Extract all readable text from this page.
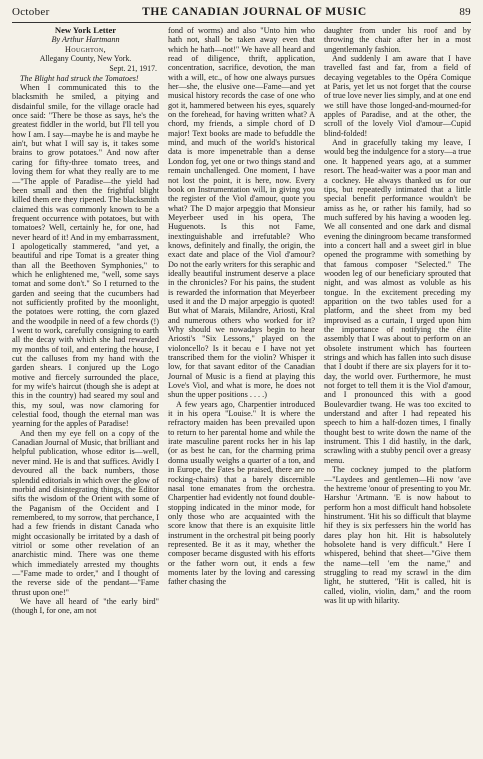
October	THE CANADIAN JOURNAL OF MUSIC	89
New York Letter
By Arthur Hartmann
Houghton,
Allegany County, New York.
Sept. 21, 1917.

The Blight had struck the Tomatoes!

When I communicated this to the blacksmith he smiled, a pitying and disdainful smile, for the village oracle had once said: "There be those as says, he's the greatest fiddler in the world, but I'll tell you how I am. I say—maybe he is and maybe he ain't, but what I will say is, it takes some brains to grow potatoes." And now after caring for fifty-three tomato trees, and loving them for what they really are to me—"The apple of Paradise—the yield had been small and then the frightful blight killed them ere they ripened. The blacksmith claimed this was commonly known to be a frequent occurrence with potatoes, but with tomatoes? Well, certainly he, for one, had never heard of it! And in my embarrassment, I apologetically stammered, "and yet, a beautiful and ripe Tomat is a greater thing than all the Beethoven Symphonies," to which he enlightened me, "well, some says tomat and some don't." So I returned to the garden and seeing that the cucumbers had not sufficiently profited by the moonlight, the potatoes were rotting, the corn glazed and the woodpile in need of a few chords (!) I went to work, carefully consigning to earth all the decay with which she had rewarded my months of toil, and entering the house, I cut the calluses from my hand with the garden shears. I conjured up the Logo motive and fiercely surrounded the place, for my wife's haircut (though she is adept at this in the country) had seared my soul and this, my soul, was now clamoring for celestial food, though the eternal man was yearning for the apples of Paradise!

And then my eye fell on a copy of the Canadian Journal of Music, that brilliant and helpful publication, whose editor is—well, never mind. He is and that suffices. Avidly I devoured all the back numbers, those splendid editorials in which over the glow of morbid and disintegrating things, the Editor sifts the wisdom of the Orient with some of the Paganism of the Occident and I remembered, to my sorrow, that perchance, I had a few friends in distant Canada who might occasionally be irritated by a dash of vitriol or some other revelation of an anarchistic mind. There was one theme which immediately arrested my thoughts—"Fame made to order," and I thought of the reverse side of the pendant—"Fame thrust upon one!"

We have all heard of "the early bird" (though I, for one, am not

fond of worms) and also "Unto him who hath not, shall be taken away even that which he hath—not!" We have all heard and read of diligence, thrift, application, concentration, sacrifice, devotion, the man with a will, etc., of how one always pursues her—she, the elusive one—Fame—and yet musical history records the case of one who got it, hammered between his eyes, squarely on the forehead, for having written what? A chord, my friends, a simple chord of D major! Text books are made to befuddle the mind, and much of the world's historical data is more impenetrable than a dense London fog, yet one or two things stand and remain unchallenged. One moment, I have not lost the point, it is here, now. Every book on Instrumentation will, in giving you the register of the Viol d'amour, quote you what? The D major arpeggio that Monsieur Meyerbeer used in his opera, The Huguenots. Is this not Fame, inextinguishable and irrefutable? Who knows, definitely and finally, the origin, the exact date and place of the Viol d'amour? Do not the early writers for this seraphic and ideally beautiful instrument deserve a place in the chronicles? For his pains, the student is rewarded the information that Meyerbeer used it and the D major arpeggio is quoted! But what of Marais, Milandre, Ariosti, Kral and numerous others who worked for it? Why should we nowadays begin to hear Ariosti's "Six Lessons," played on the violoncello? Is it becau e I have not yet transcribed them for the violin? Whisper it low, for that savant editor of the Canadian Journal of Music is a fiend at playing this Love's Viol, and what is more, he does not shun the upper positions . . . .)

A few years ago, Charpentier introduced it in his opera "Louise." It is where the refractory maiden has been prevailed upon to return to her parental home and while the irate masculine parent rocks her in his lap (or as best he can, for the charming prima donna usually weighs a quarter of a ton, and in Europe, the Fates be praised, there are no rocking-chairs) that a barely discernible nasal tone emanates from the orchestra. Charpentier had evidently not found double-stopping indicated in the minor mode, for only those who are acquainted with the score know that there is an exquisite little instrument in the orchestral pit being poorly represented. Be it as it may, whether the composer became disgusted with his efforts or the father worn out, it ends a few moments later by the loving and caressing father chasing the

daughter from under his roof and by throwing the chair after her in a most ungentlemanly fashion.

And suddenly I am aware that I have travelled fast and far, from a field of decaying vegetables to the Opéra Comique at Paris, yet let us not forget that the course of true love never lies simply, and at one end we still have those longed-and-mourned-for apples of Paradise, and at the other, the scroll of the lovely Viol d'amour—Cupid blind-folded!

And in gracefully taking my leave, I would beg the indulgence for a story—a true one. It happened years ago, at a summer resort. The head-waiter was a poor man and a cockney. He always thanked us for our tips, but repeatedly intimated that a little special benefit performance wouldn't be amiss as he, or rather his family, had so much suffered by his having a wooden leg. We all consented and one dark and dismal evening the diningroom became transformed into a concert hall and a sweet girl in blue opened the programme with something by that famous composer "Selected." The wooden leg of our beneficiary sprouted that night, and was almost as voluble as his tongue. In the excitement preceding my apparition on the two tables used for a platform, and the sheet from my bed improvised as a curtain, I urged upon him the importance of notifying the élite assembly that I was about to perform on an obsolete instrument which has fourteen strings and which has fallen into such disuse that I doubt if there are six players for it to-day, the world over. Furthermore, he must not forget to tell them it is the Viol d'amour, and I pronounced this with a good Boulevardier twang. He was too excited to understand and after I had repeated his speech to him a half-dozen times, I finally thought best to write down the name of the instrument. This I did hastily, in the dark, scrawling with a stubby pencil over a greasy menu.

The cockney jumped to the platform—"Laydees and gentlemen—Hi now 'ave the hextreme 'onour of presenting to you Mr. Harshur 'Artmann. 'E is now habout to perform hon a most difficult hand hobsolete hinstrument. 'Hit his so difficult that blayme hif they is six perfessers hin the world has dares play hon hit. Hit is habsolutely hobsolete hand is very difficult." Here I whispered, behind that sheet—"Give them the name—tell 'em the name," and struggling to read my scrawl in the dim light, he stuttered, "Hit is called, hit is called, violin, violin, dam," and the room was lit up with hilarity.
